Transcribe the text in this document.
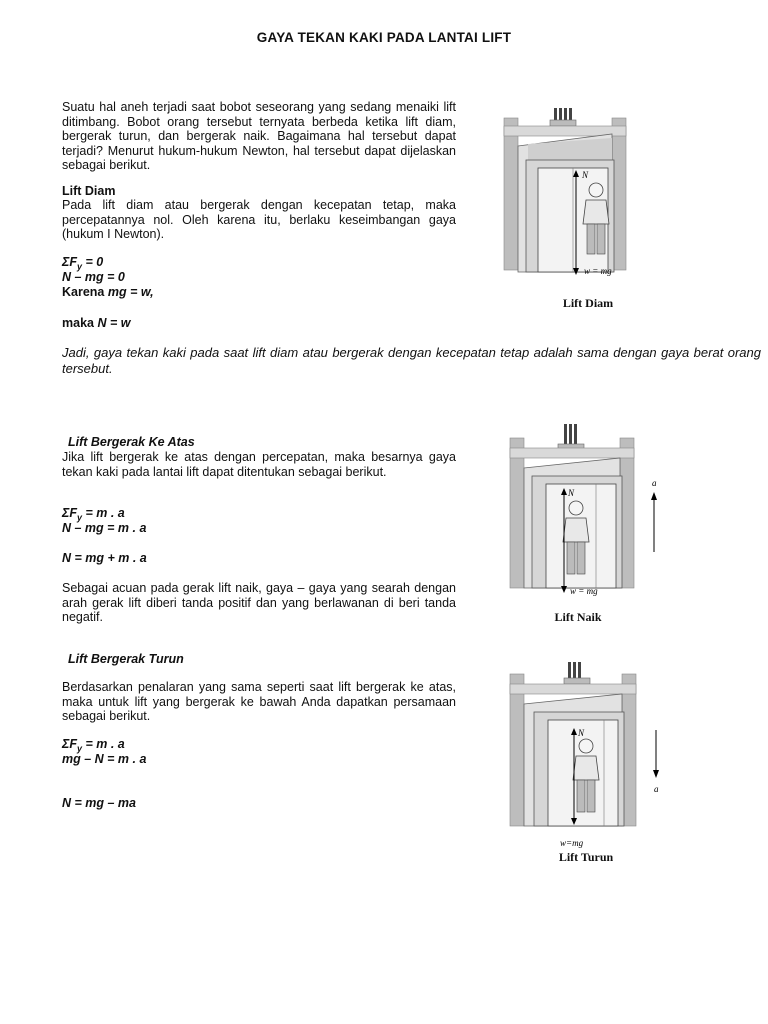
GAYA TEKAN KAKI PADA LANTAI LIFT
Suatu hal aneh terjadi saat bobot seseorang yang sedang menaiki lift ditimbang. Bobot orang tersebut ternyata berbeda ketika lift diam, bergerak turun, dan bergerak naik. Bagaimana hal tersebut dapat terjadi? Menurut hukum-hukum Newton, hal tersebut dapat dijelaskan sebagai berikut.
Lift Diam
Pada lift diam atau bergerak dengan kecepatan tetap, maka percepatannya nol. Oleh karena itu, berlaku keseimbangan gaya (hukum I Newton).
$\Sigma F_y = 0$
N – mg = 0
Karena mg = w,
maka N = w
Jadi, gaya tekan kaki pada saat lift diam atau bergerak dengan kecepatan tetap adalah sama dengan gaya berat orang tersebut.
N
w = mg
Lift Diam
Lift Bergerak Ke Atas
Jika lift bergerak ke atas dengan percepatan, maka besarnya gaya tekan kaki pada lantai lift dapat ditentukan sebagai berikut.
$\Sigma F_y = m$ . a
N – mg = m . a
N = mg + m . a
Sebagai acuan pada gerak lift naik, gaya – gaya yang searah dengan arah gerak lift diberi tanda positif dan yang berlawanan di beri tanda negatif.
N
w = mg
a
Lift Naik
Lift Bergerak Turun
Berdasarkan penalaran yang sama seperti saat lift bergerak ke atas, maka untuk lift yang bergerak ke bawah Anda dapatkan persamaan sebagai berikut.
$\Sigma F_y = m$ . a
mg – N = m . a
N = mg – ma
N
w=mg
a
Lift Turun
